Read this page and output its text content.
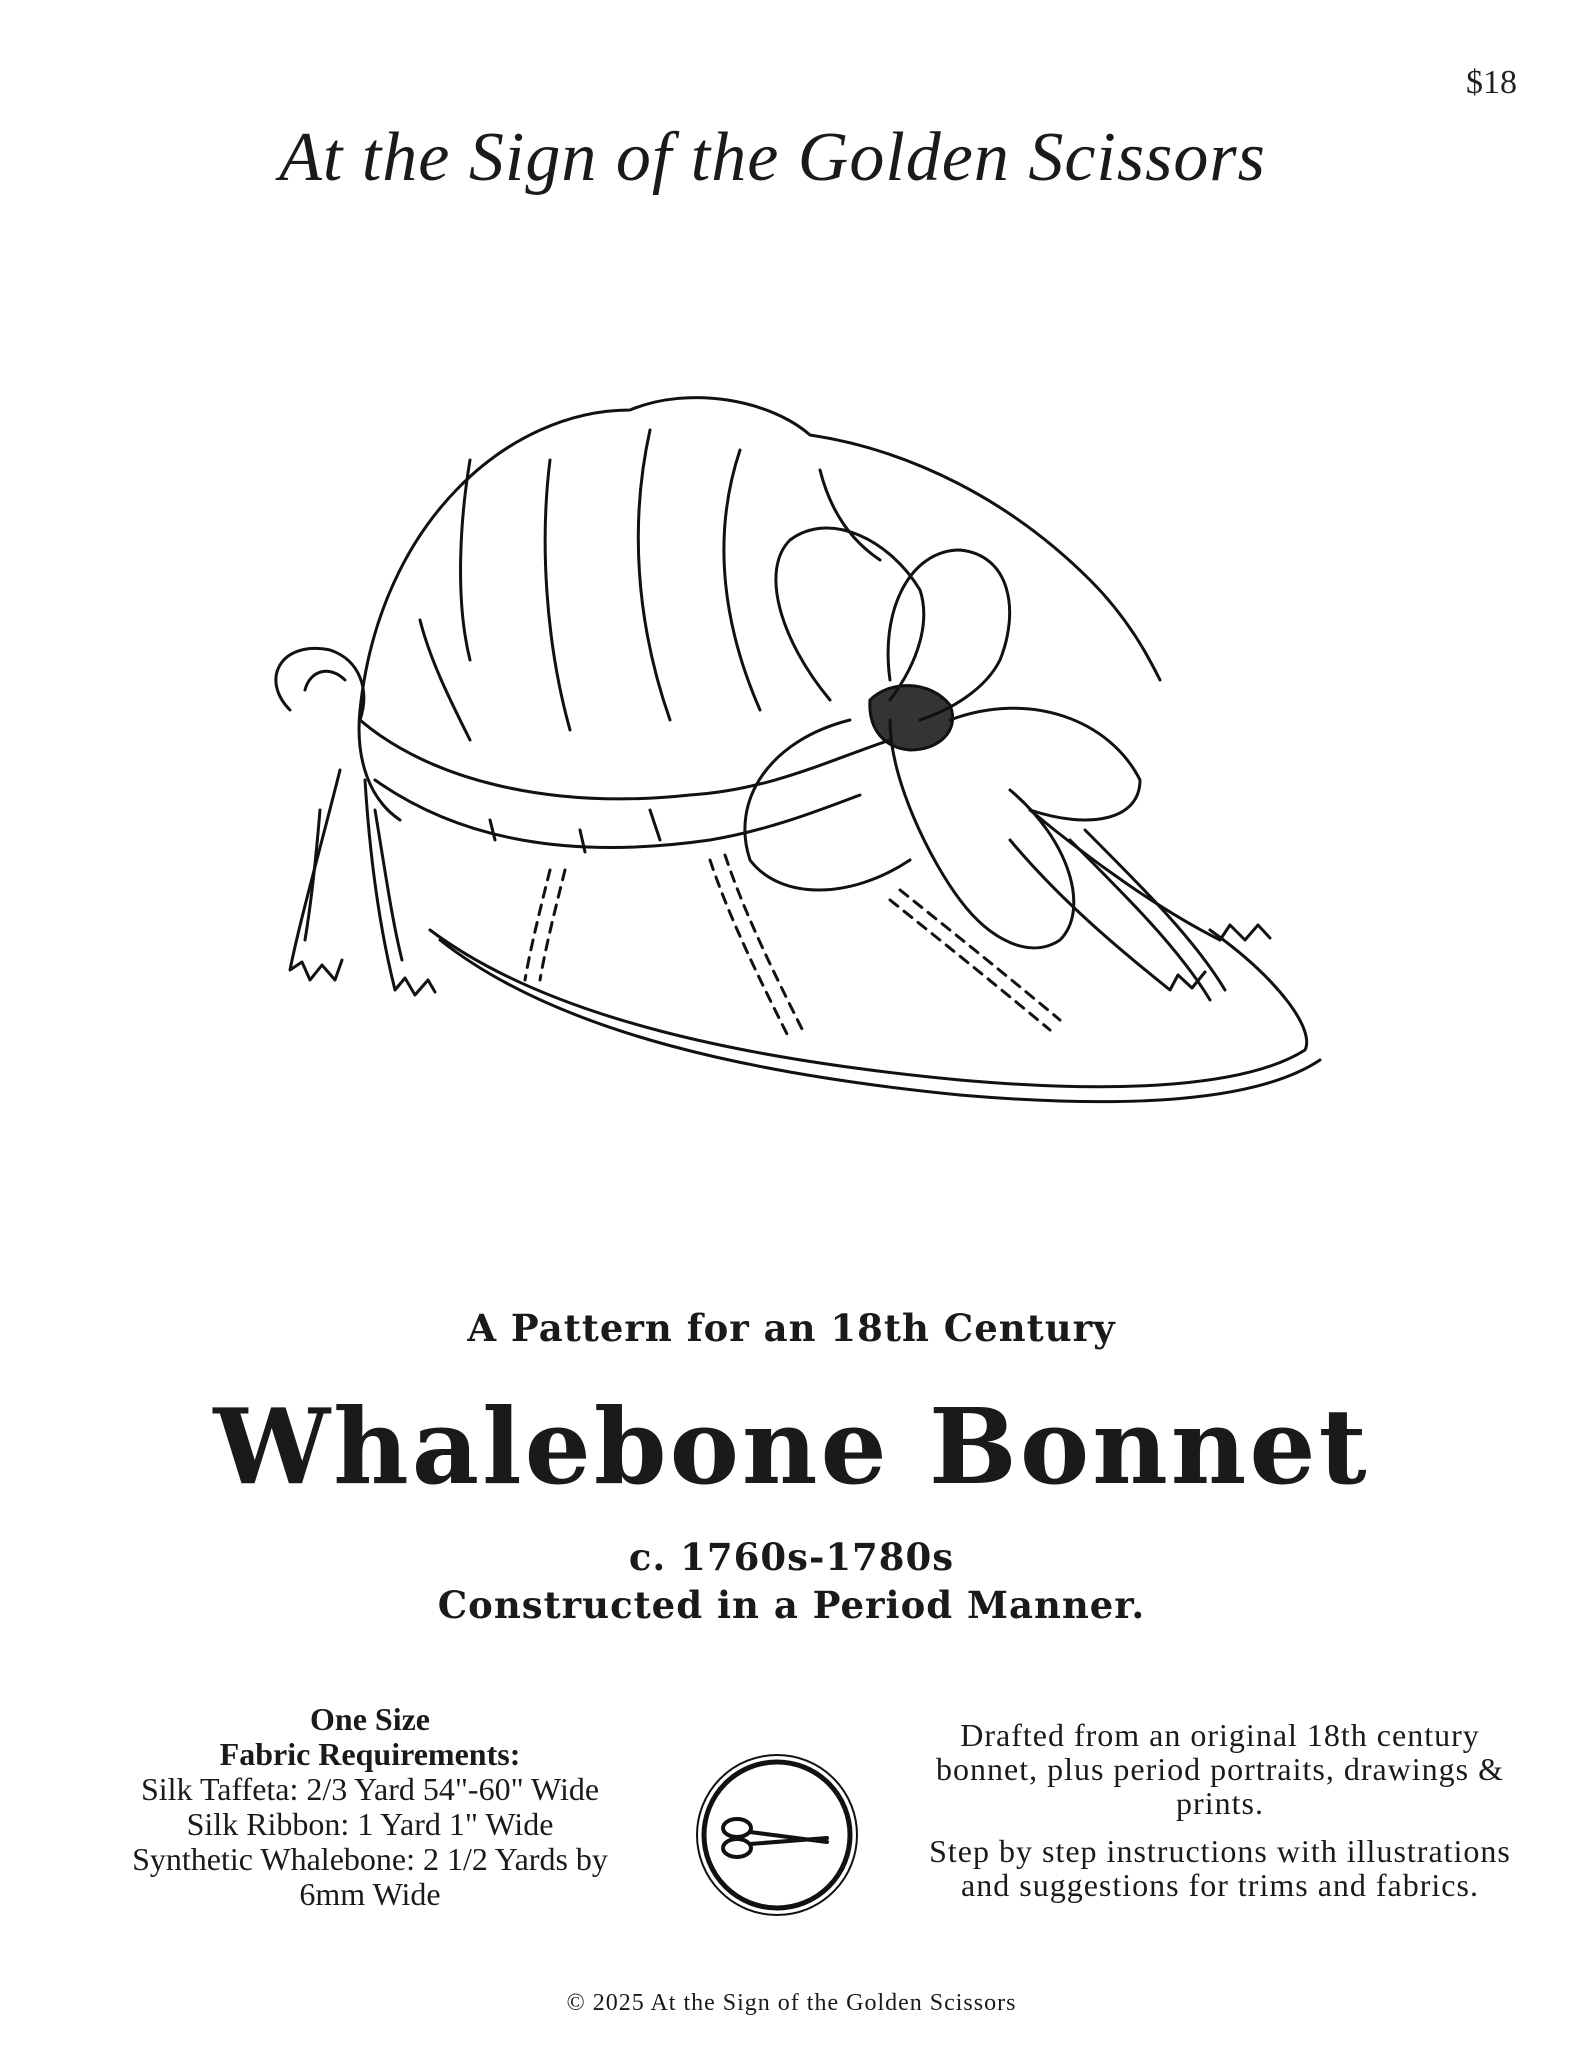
$18
At the Sign of the Golden Scissors
A Pattern for an 18th Century
Whalebone Bonnet
c. 1760s-1780s
Constructed in a Period Manner.
One Size
Fabric Requirements:
Silk Taffeta: 2/3 Yard 54"-60" Wide
Silk Ribbon: 1 Yard 1" Wide
Synthetic Whalebone: 2 1/2 Yards by 6mm Wide

Drafted from an original 18th century bonnet, plus period portraits, drawings & prints.

Step by step instructions with illustrations and suggestions for trims and fabrics.

© 2025 At the Sign of the Golden Scissors
